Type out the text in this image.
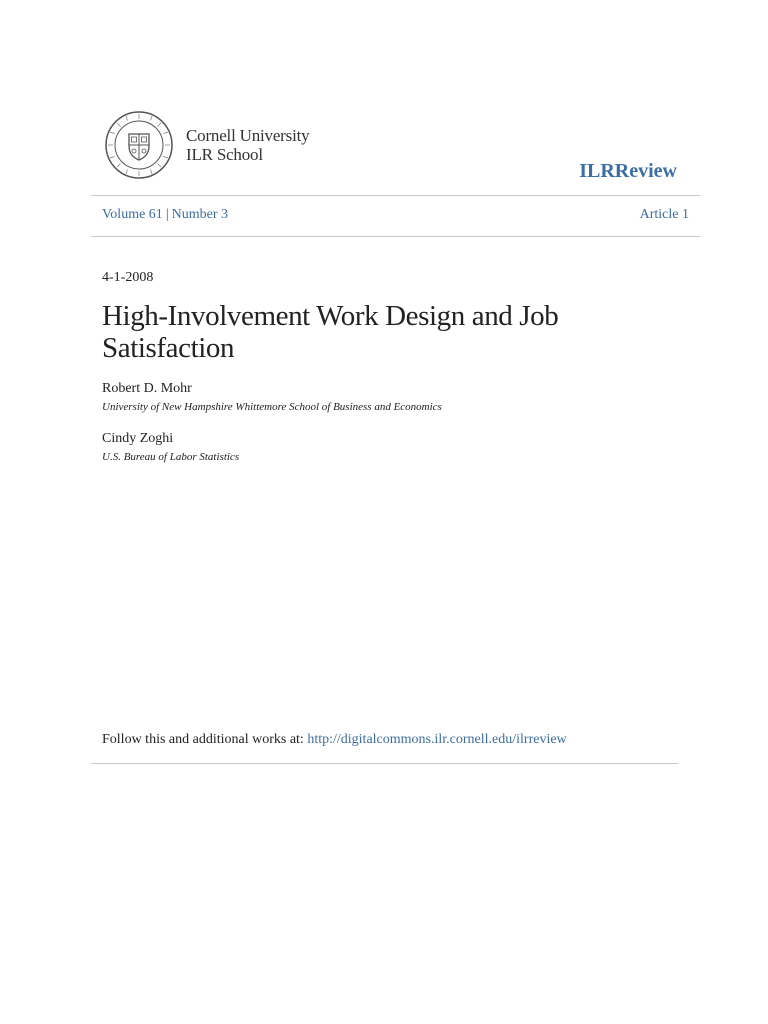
Cornell University
ILR School
ILRReview
Volume 61 | Number 3	Article 1
4-1-2008
High-Involvement Work Design and Job
Satisfaction
Robert D. Mohr
University of New Hampshire Whittemore School of Business and Economics
Cindy Zoghi
U.S. Bureau of Labor Statistics
Follow this and additional works at: http://digitalcommons.ilr.cornell.edu/ilrreview
